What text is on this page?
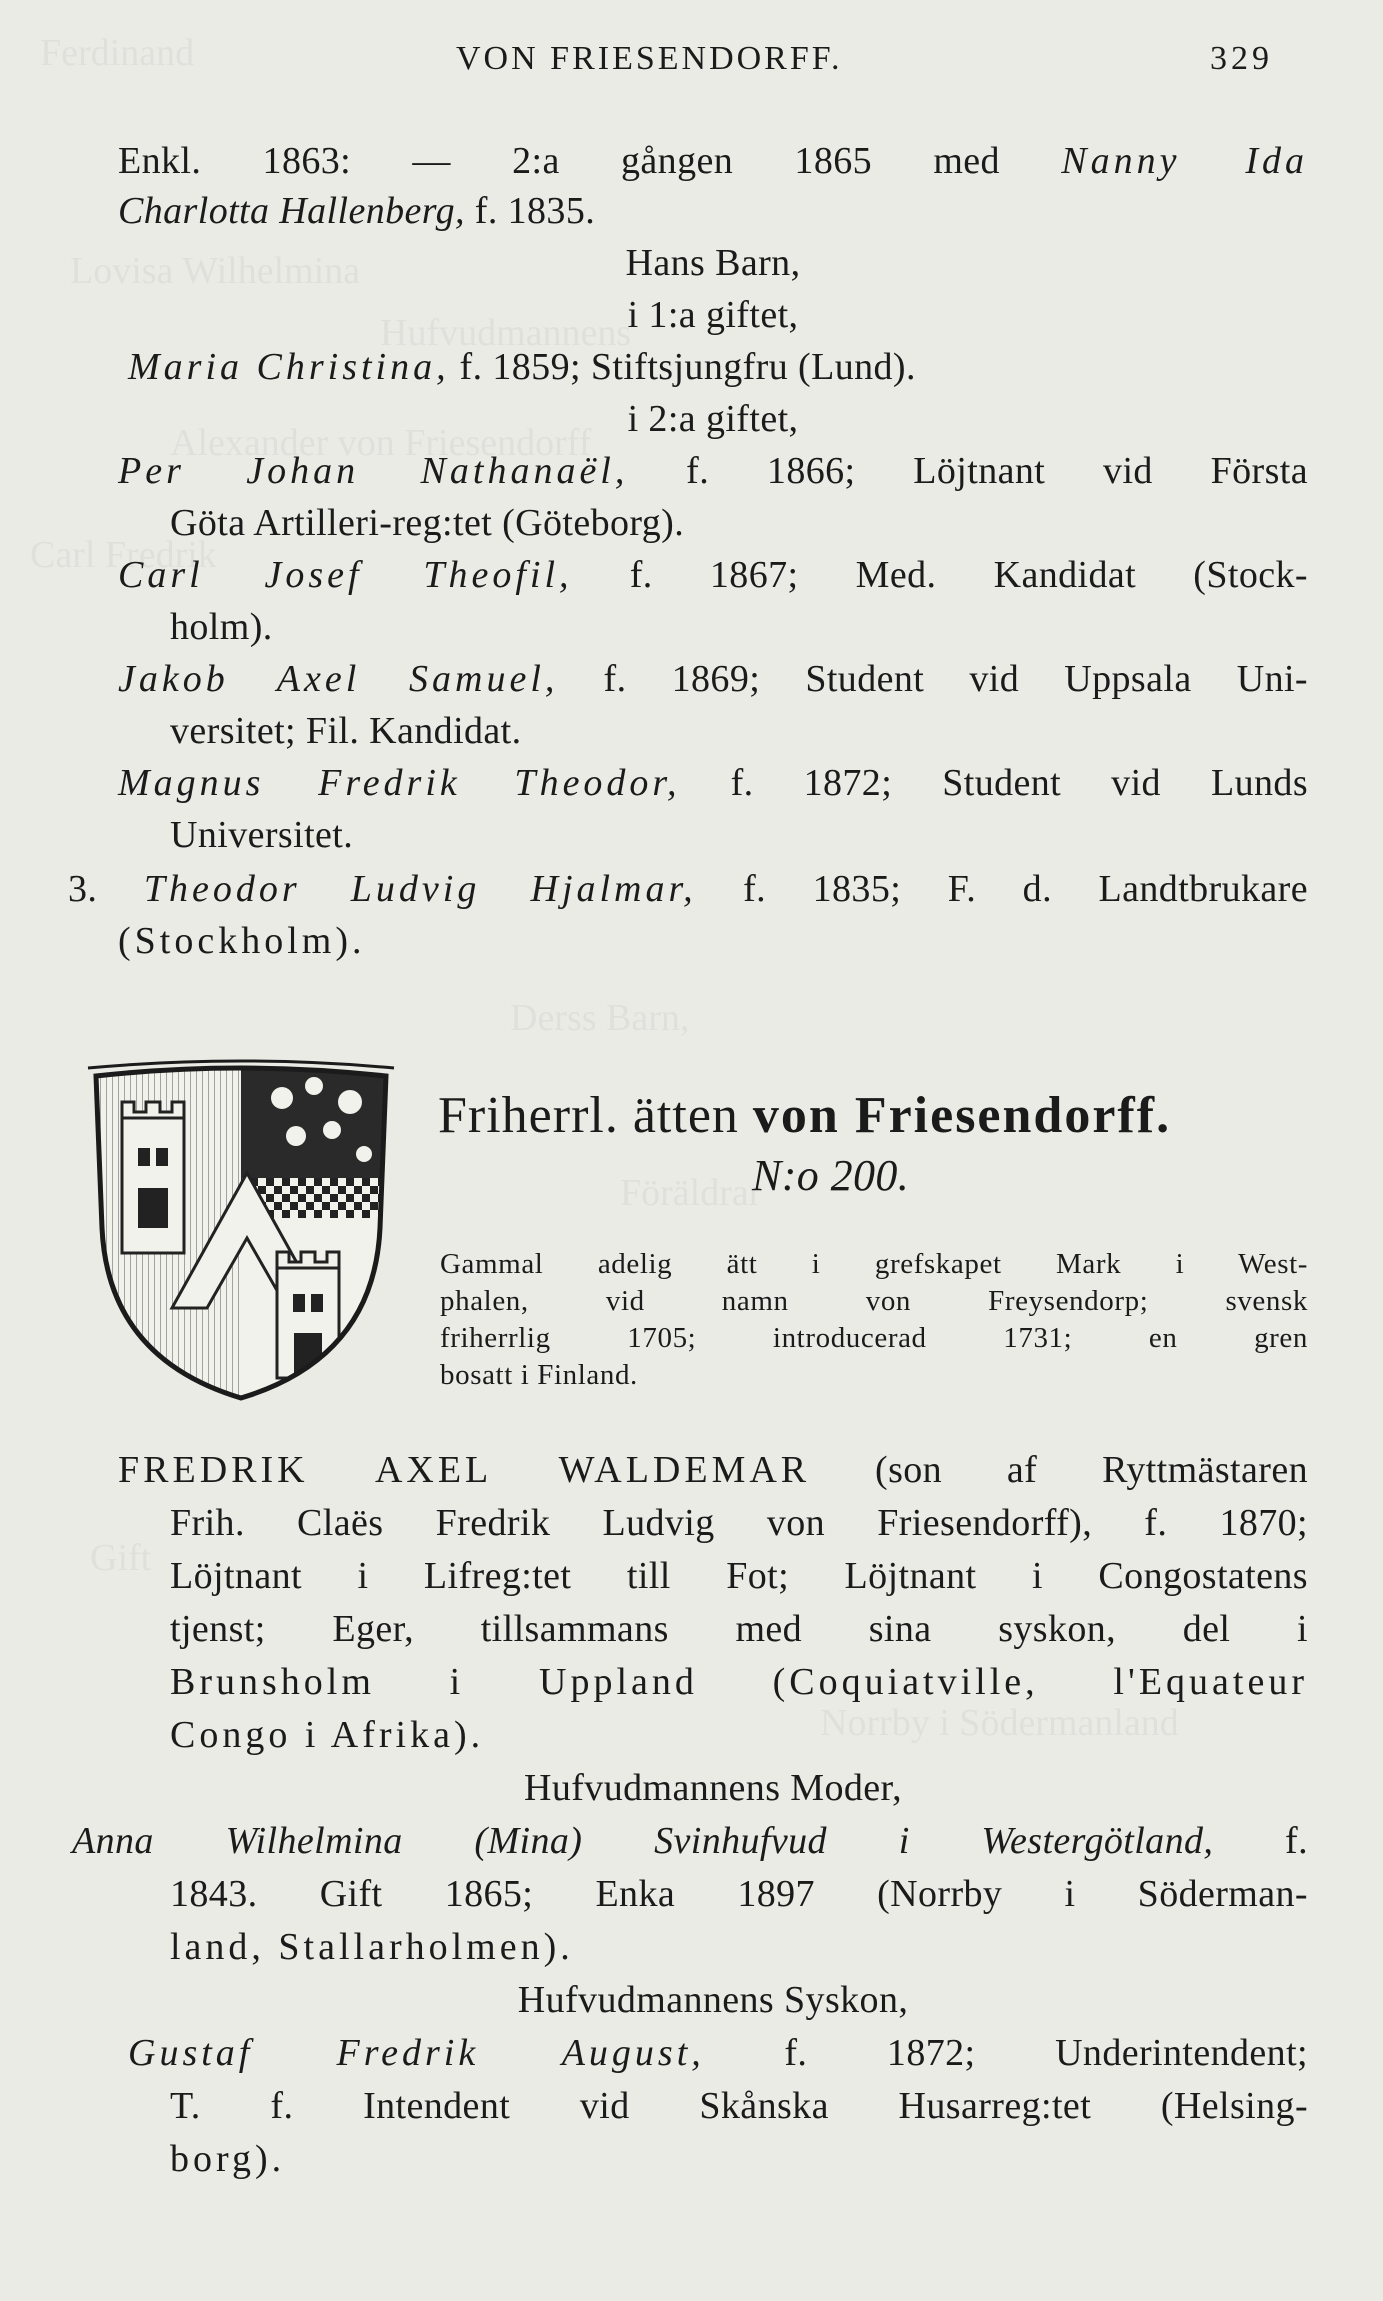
VON FRIESENDORFF.	329
Enkl. 1863: — 2:a gången 1865 med Nanny Ida
Charlotta Hallenberg, f. 1835.
Hans Barn,
i 1:a giftet,
Maria Christina, f. 1859; Stiftsjungfru (Lund).
i 2:a giftet,
Per Johan Nathanaël, f. 1866; Löjtnant vid Första
Göta Artilleri-reg:tet (Göteborg).
Carl Josef Theofil, f. 1867; Med. Kandidat (Stock-
holm).
Jakob Axel Samuel, f. 1869; Student vid Uppsala Uni-
versitet; Fil. Kandidat.
Magnus Fredrik Theodor, f. 1872; Student vid Lunds
Universitet.
3. Theodor Ludvig Hjalmar, f. 1835; F. d. Landtbrukare
(Stockholm).
Friherrl. ätten von Friesendorff.
N:o 200.
Gammal adelig ätt i grefskapet Mark i West-
phalen, vid namn von Freysendorp; svensk
friherrlig 1705; introducerad 1731; en gren
bosatt i Finland.
FREDRIK AXEL WALDEMAR (son af Ryttmästaren
Frih. Claës Fredrik Ludvig von Friesendorff), f. 1870;
Löjtnant i Lifreg:tet till Fot; Löjtnant i Congostatens
tjenst; Eger, tillsammans med sina syskon, del i
Brunsholm i Uppland (Coquiatville, l'Equateur
Congo i Afrika).
Hufvudmannens Moder,
Anna Wilhelmina (Mina) Svinhufvud i Westergötland, f.
1843. Gift 1865; Enka 1897 (Norrby i Söderman-
land, Stallarholmen).
Hufvudmannens Syskon,
Gustaf Fredrik August, f. 1872; Underintendent;
T. f. Intendent vid Skånska Husarreg:tet (Helsing-
borg).
